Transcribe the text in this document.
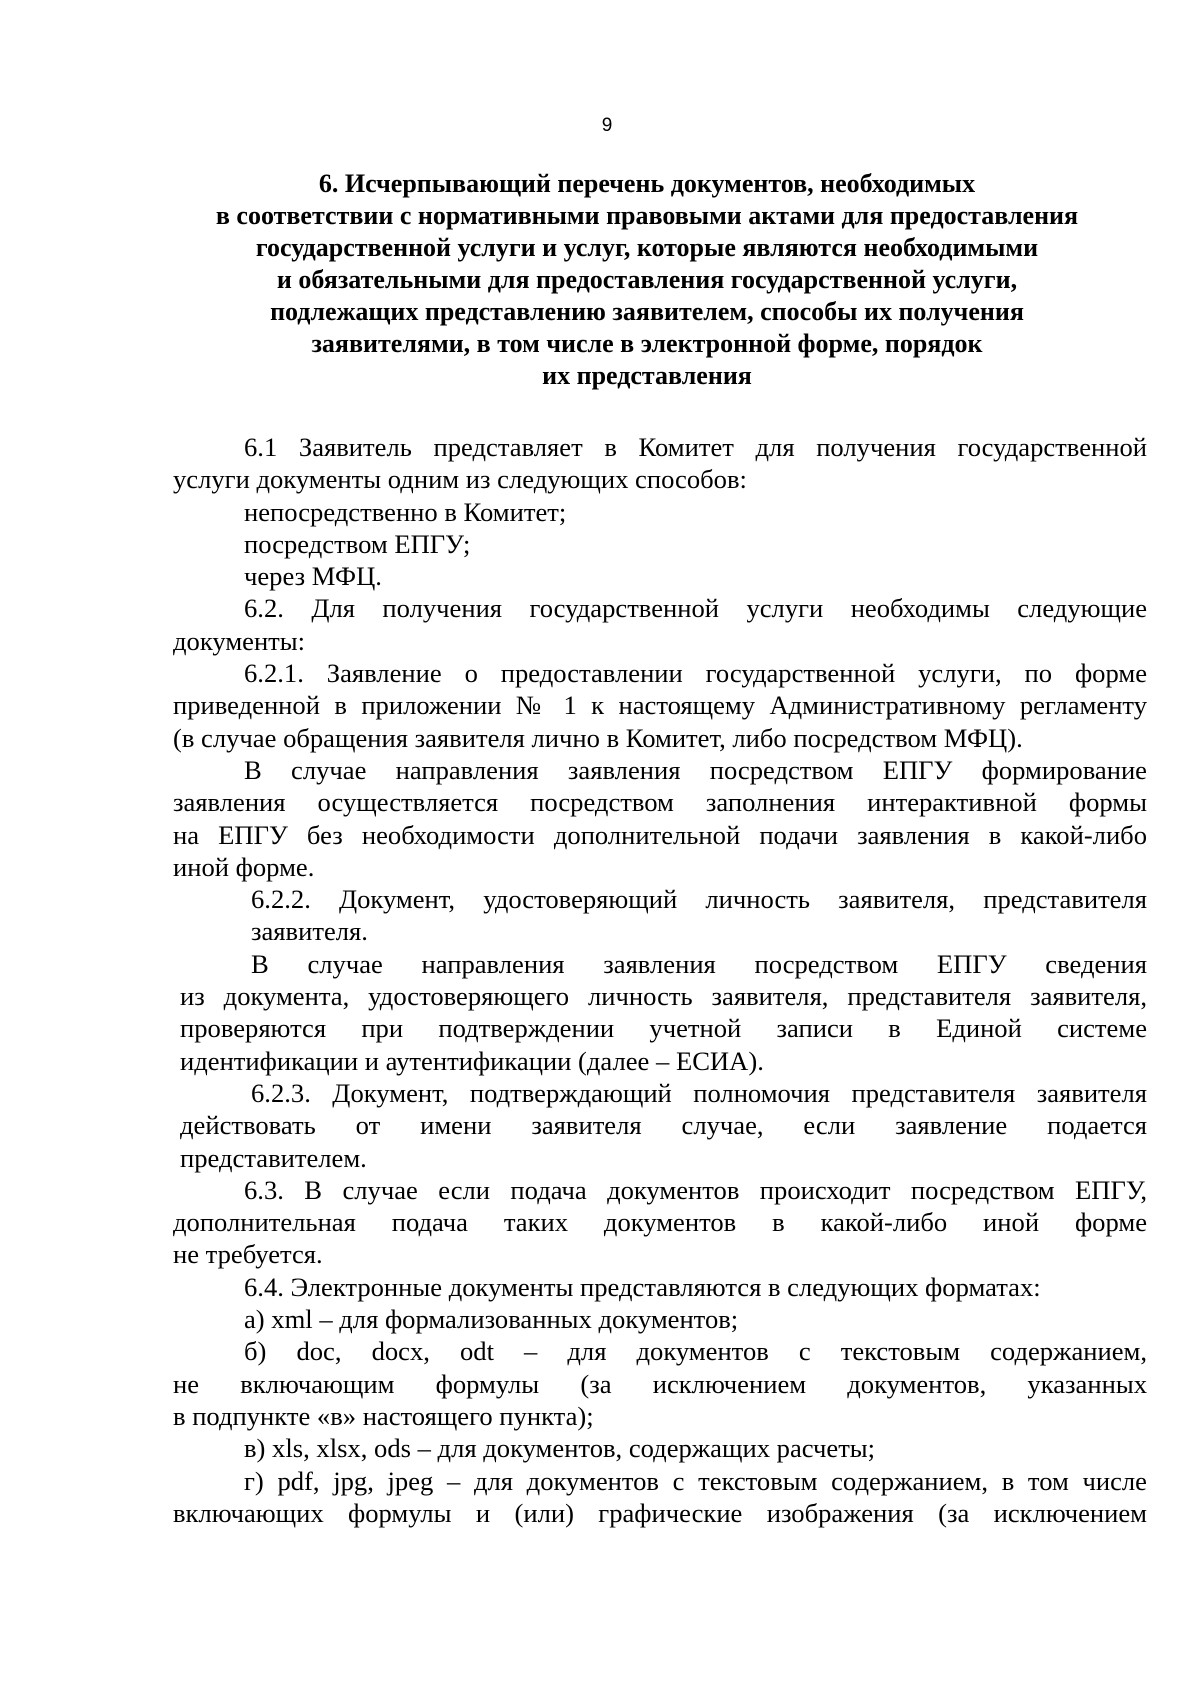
9
6. Исчерпывающий перечень документов, необходимых
в соответствии с нормативными правовыми актами для предоставления
государственной услуги и услуг, которые являются необходимыми
и обязательными для предоставления государственной услуги,
подлежащих представлению заявителем, способы их получения
заявителями, в том числе в электронной форме, порядок
их представления
6.1 Заявитель представляет в Комитет для получения государственной
услуги документы одним из следующих способов:
непосредственно в Комитет;
посредством ЕПГУ;
через МФЦ.
6.2. Для получения государственной услуги необходимы следующие
документы:
6.2.1. Заявление о предоставлении государственной услуги, по форме
приведенной в приложении № 1 к настоящему Административному регламенту
(в случае обращения заявителя лично в Комитет, либо посредством МФЦ).
В случае направления заявления посредством ЕПГУ формирование
заявления осуществляется посредством заполнения интерактивной формы
на ЕПГУ без необходимости дополнительной подачи заявления в какой-либо
иной форме.
6.2.2. Документ, удостоверяющий личность заявителя, представителя
заявителя.
В случае направления заявления посредством ЕПГУ сведения
из документа, удостоверяющего личность заявителя, представителя заявителя,
проверяются при подтверждении учетной записи в Единой системе
идентификации и аутентификации (далее – ЕСИА).
6.2.3. Документ, подтверждающий полномочия представителя заявителя
действовать от имени заявителя случае, если заявление подается
представителем.
6.3. В случае если подача документов происходит посредством ЕПГУ,
дополнительная подача таких документов в какой-либо иной форме
не требуется.
6.4. Электронные документы представляются в следующих форматах:
а) xml – для формализованных документов;
б) doc, docx, odt – для документов с текстовым содержанием,
не включающим формулы (за исключением документов, указанных
в подпункте «в» настоящего пункта);
в) xls, xlsx, ods – для документов, содержащих расчеты;
г) pdf, jpg, jpeg – для документов с текстовым содержанием, в том числе
включающих формулы и (или) графические изображения (за исключением
